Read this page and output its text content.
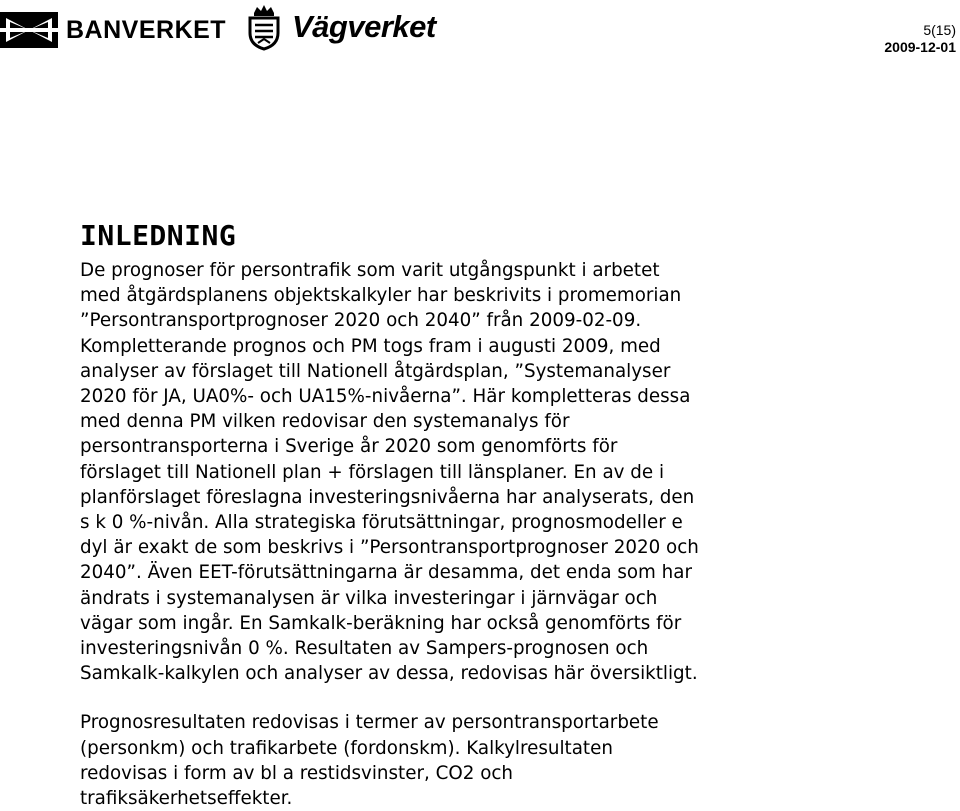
BANVERKET Vägverket	5(15)
2009-12-01
INLEDNING

De prognoser för persontrafik som varit utgångspunkt i arbetet
med åtgärdsplanens objektskalkyler har beskrivits i promemorian
”Persontransportprognoser 2020 och 2040” från 2009-02-09.
Kompletterande prognos och PM togs fram i augusti 2009, med
analyser av förslaget till Nationell åtgärdsplan, ”Systemanalyser
2020 för JA, UA0%- och UA15%-nivåerna”. Här kompletteras dessa
med denna PM vilken redovisar den systemanalys för
persontransporterna i Sverige år 2020 som genomförts för
förslaget till Nationell plan + förslagen till länsplaner. En av de i
planförslaget föreslagna investeringsnivåerna har analyserats, den
s k 0 %-nivån. Alla strategiska förutsättningar, prognosmodeller e
dyl är exakt de som beskrivs i ”Persontransportprognoser 2020 och
2040”. Även EET-förutsättningarna är desamma, det enda som har
ändrats i systemanalysen är vilka investeringar i järnvägar och
vägar som ingår. En Samkalk-beräkning har också genomförts för
investeringsnivån 0 %. Resultaten av Sampers-prognosen och
Samkalk-kalkylen och analyser av dessa, redovisas här översiktligt.

Prognosresultaten redovisas i termer av persontransportarbete
(personkm) och trafikarbete (fordonskm). Kalkylresultaten
redovisas i form av bl a restidsvinster, CO2 och
trafiksäkerhetseffekter.
